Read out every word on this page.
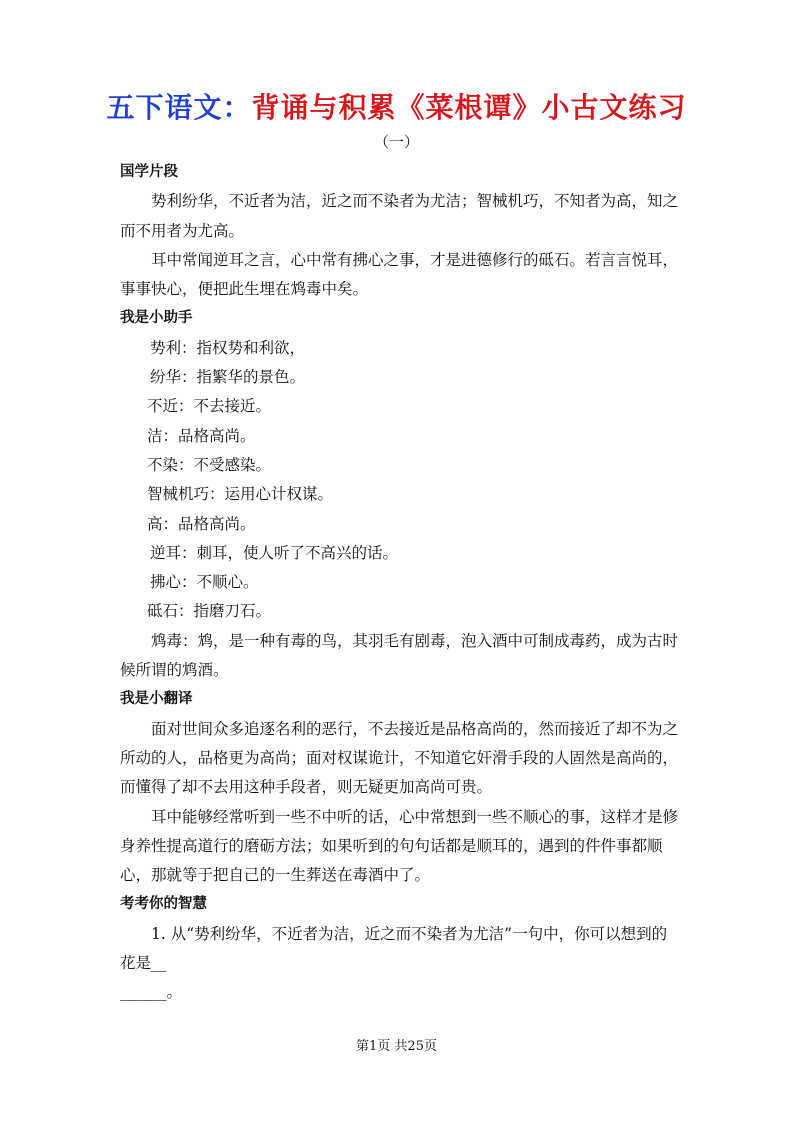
五下语文：背诵与积累《菜根谭》小古文练习
（一）

国学片段

势利纷华，不近者为洁，近之而不染者为尤洁；智械机巧，不知者为高，知之而不用者为尤高。

耳中常闻逆耳之言，心中常有拂心之事，才是进德修行的砥石。若言言悦耳，事事快心，便把此生埋在鸩毒中矣。

我是小助手

势利：指权势和利欲，

纷华：指繁华的景色。

不近：不去接近。

洁：品格高尚。

不染：不受感染。

智械机巧：运用心计权谋。

高：品格高尚。

逆耳：刺耳，使人听了不高兴的话。

拂心：不顺心。

砥石：指磨刀石。

鸩毒：鸩，是一种有毒的鸟，其羽毛有剧毒，泡入酒中可制成毒药，成为古时候所谓的鸩酒。

我是小翻译

面对世间众多追逐名利的恶行，不去接近是品格高尚的，然而接近了却不为之所动的人，品格更为高尚；面对权谋诡计，不知道它奸滑手段的人固然是高尚的，而懂得了却不去用这种手段者，则无疑更加高尚可贵。

耳中能够经常听到一些不中听的话，心中常想到一些不顺心的事，这样才是修身养性提高道行的磨砺方法；如果听到的句句话都是顺耳的，遇到的件件事都顺心，那就等于把自己的一生葬送在毒酒中了。

考考你的智慧

1. 从“势利纷华，不近者为洁，近之而不染者为尤洁”一句中，你可以想到的花是__

______。

第1页 共25页
